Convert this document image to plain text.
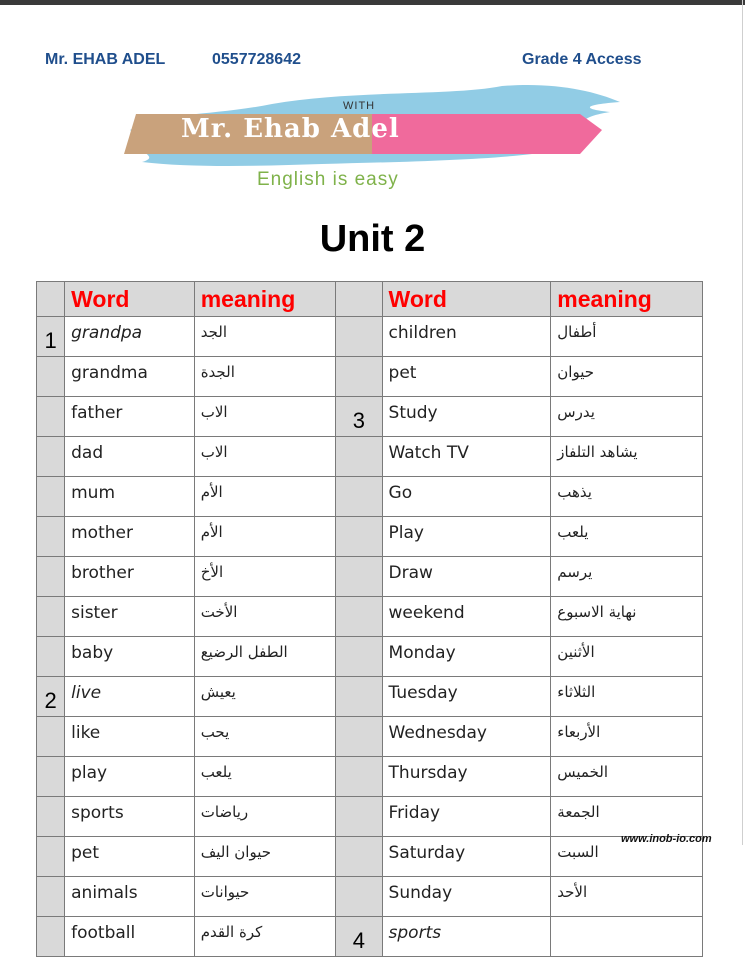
Mr. EHAB ADEL	0557728642	Grade 4 Access
WITH
Mr. Ehab Adel
English is easy
Unit 2
	Word	meaning		Word	meaning
1	grandpa	الجد		children	أطفال
	grandma	الجدة		pet	حيوان
	father	الاب	3	Study	يدرس
	dad	الاب		Watch TV	يشاهد التلفاز
	mum	الأم		Go	يذهب
	mother	الأم		Play	يلعب
	brother	الأخ		Draw	يرسم
	sister	الأخت		weekend	نهاية الاسبوع
	baby	الطفل الرضيع		Monday	الأثنين
2	live	يعيش		Tuesday	الثلاثاء
	like	يحب		Wednesday	الأربعاء
	play	يلعب		Thursday	الخميس
	sports	رياضات		Friday	الجمعة
	pet	حيوان اليف		Saturday	السبت
	animals	حيوانات		Sunday	الأحد
	football	كرة القدم	4	sports	
www.inob-io.com
